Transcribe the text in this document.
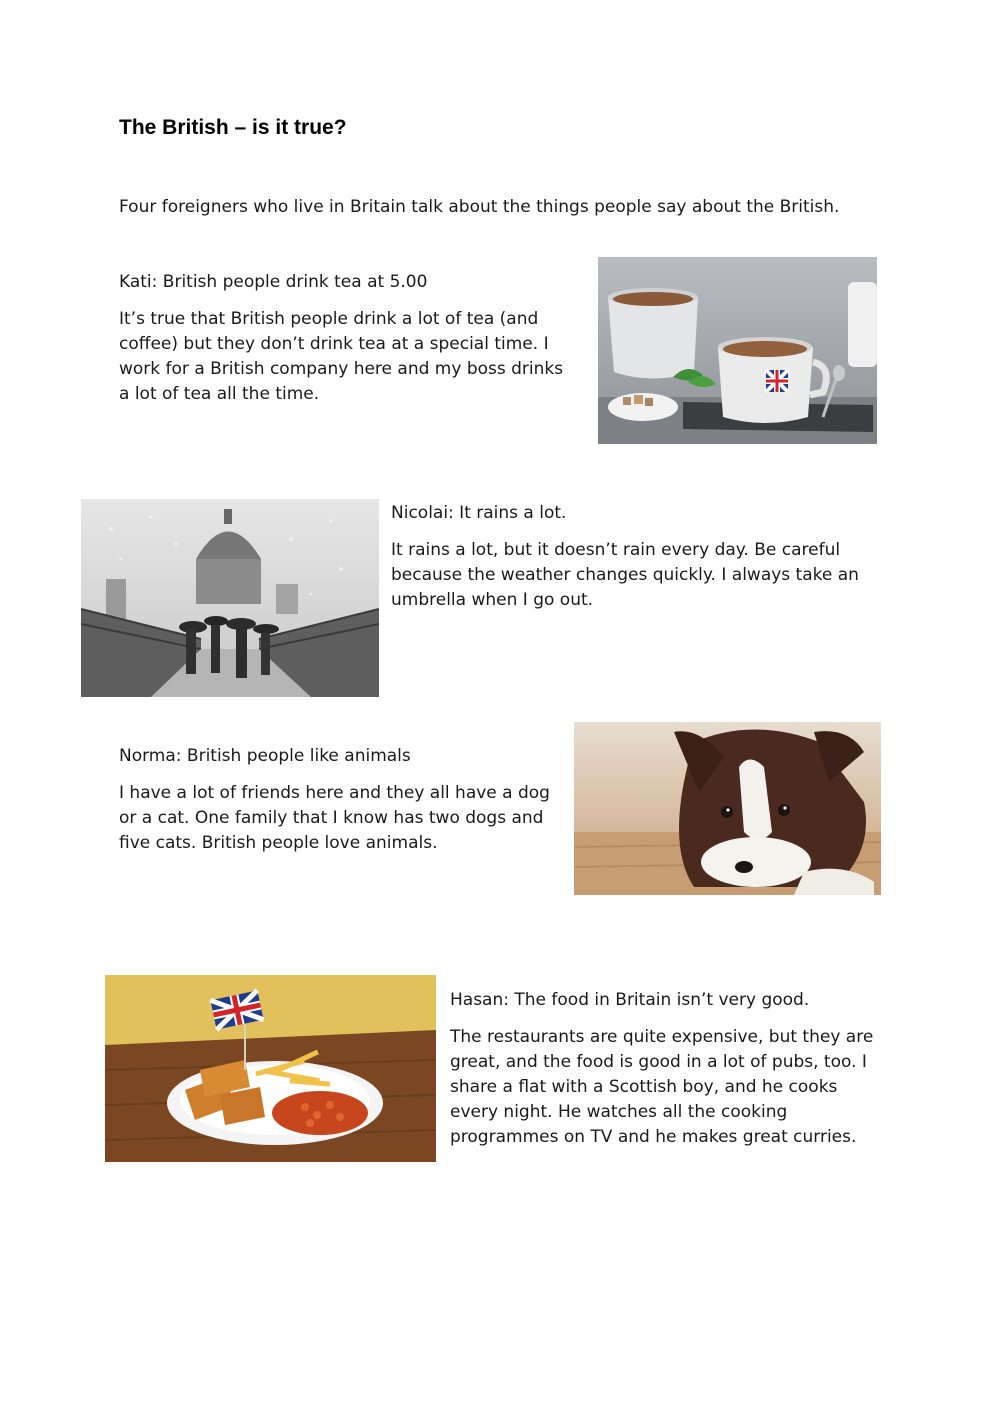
The British – is it true?
Four foreigners who live in Britain talk about the things people say about the British.

Kati: British people drink tea at 5.00

It’s true that British people drink a lot of tea (and coffee) but they don’t drink tea at a special time. I work for a British company here and my boss drinks a lot of tea all the time.

Nicolai: It rains a lot.

It rains a lot, but it doesn’t rain every day. Be careful because the weather changes quickly. I always take an umbrella when I go out.

Norma: British people like animals

I have a lot of friends here and they all have a dog or a cat. One family that I know has two dogs and five cats. British people love animals.

Hasan: The food in Britain isn’t very good.

The restaurants are quite expensive, but they are great, and the food is good in a lot of pubs, too. I share a flat with a Scottish boy, and he cooks every night. He watches all the cooking programmes on TV and he makes great curries.
